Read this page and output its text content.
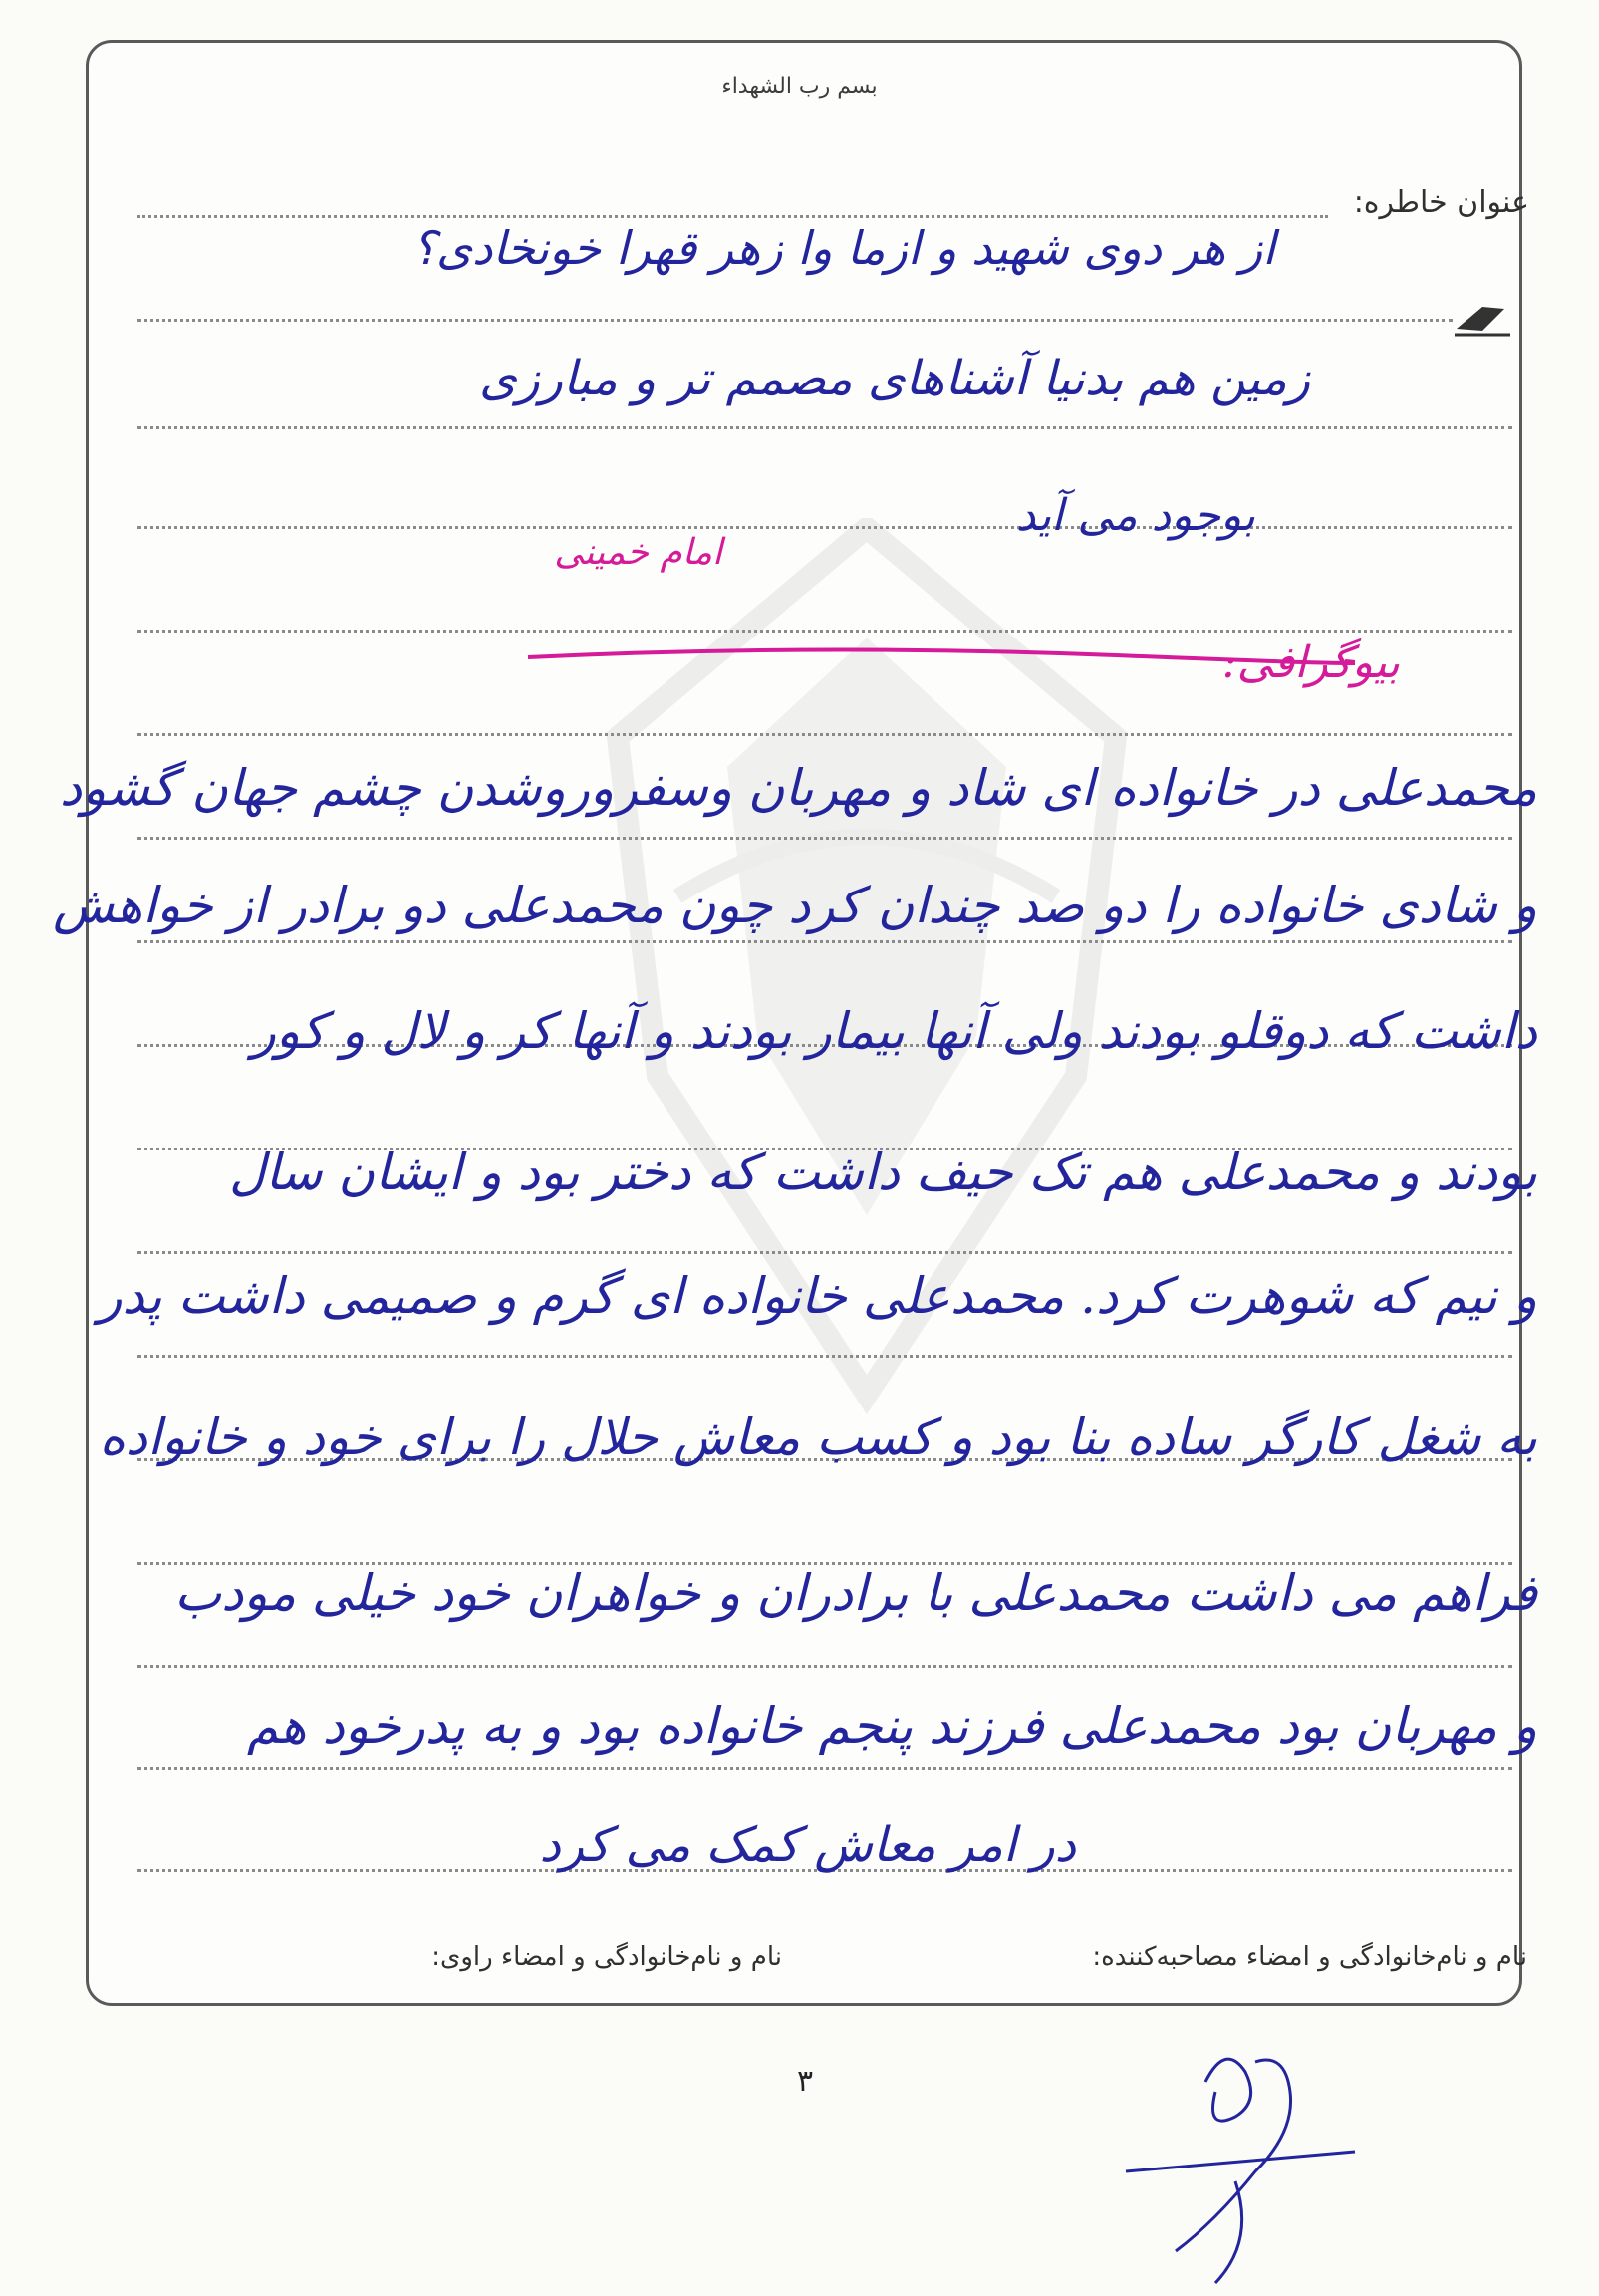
بسم رب الشهداء
عنوان خاطره:
از هر دوی شهید و ازما وا زهر قهرا خونخادی؟
زمین هم بدنیا آشناهای مصمم تر و مبارزی
بوجود می آید
امام خمینی
بیوگرافی:
محمدعلی در خانواده ای شاد و مهربان وسفروروشدن چشم جهان گشود
و شادی خانواده را دو صد چندان کرد چون محمدعلی دو برادر از خواهش
داشت که دوقلو بودند ولی آنها بیمار بودند و آنها کر و لال و کور
بودند و محمدعلی هم تک حیف داشت که دختر بود و ایشان سال
و نیم که شوهرت کرد. محمدعلی خانواده ای گرم و صمیمی داشت پدر
به شغل کارگر ساده بنا بود و کسب معاش حلال را برای خود و خانواده
فراهم می داشت محمدعلی با برادران و خواهران خود خیلی مودب
و مهربان بود محمدعلی فرزند پنجم خانواده بود و به پدرخود هم
در امر معاش کمک می کرد
نام و نام‌خانوادگی و امضاء مصاحبه‌کننده:
نام و نام‌خانوادگی و امضاء راوی:
۳
